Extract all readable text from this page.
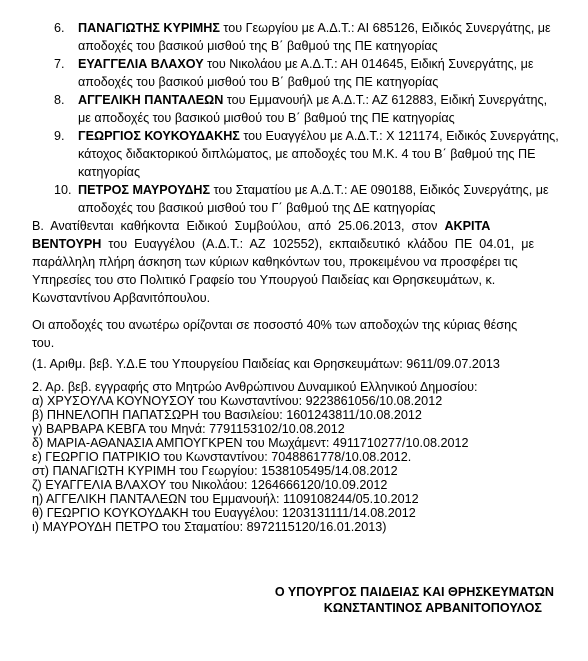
6. ΠΑΝΑΓΙΩΤΗΣ ΚΥΡΙΜΗΣ του Γεωργίου με Α.Δ.Τ.: ΑΙ 685126, Ειδικός Συνεργάτης, με
αποδοχές του βασικού μισθού της Β΄ βαθμού της ΠΕ κατηγορίας
7. ΕΥΑΓΓΕΛΙΑ ΒΛΑΧΟΥ του Νικολάου με Α.Δ.Τ.: ΑΗ 014645, Ειδική Συνεργάτης, με
αποδοχές του βασικού μισθού του Β΄ βαθμού της ΠΕ κατηγορίας
8. ΑΓΓΕΛΙΚΗ ΠΑΝΤΑΛΕΩΝ του Εμμανουήλ με Α.Δ.Τ.: ΑΖ 612883, Ειδική Συνεργάτης,
με αποδοχές του βασικού μισθού του Β΄ βαθμού της ΠΕ κατηγορίας
9. ΓΕΩΡΓΙΟΣ ΚΟΥΚΟΥΔΑΚΗΣ του Ευαγγέλου με Α.Δ.Τ.: Χ 121174, Ειδικός Συνεργάτης,
κάτοχος διδακτορικού διπλώματος, με αποδοχές του Μ.Κ. 4 του Β΄ βαθμού της ΠΕ
κατηγορίας
10. ΠΕΤΡΟΣ ΜΑΥΡΟΥΔΗΣ του Σταματίου με Α.Δ.Τ.: ΑΕ 090188, Ειδικός Συνεργάτης, με
αποδοχές του βασικού μισθού του Γ΄ βαθμού της ΔΕ κατηγορίας
Β.  Ανατίθενται  καθήκοντα  Ειδικού  Συμβούλου,  από  25.06.2013,  στον  ΑΚΡΙΤΑ
ΒΕΝΤΟΥΡΗ  του  Ευαγγέλου  (Α.Δ.Τ.:  ΑΖ  102552),  εκπαιδευτικό  κλάδου  ΠΕ  04.01,  με
παράλληλη πλήρη άσκηση των κύριων καθηκόντων του, προκειμένου να προσφέρει τις
Υπηρεσίες του στο Πολιτικό Γραφείο του Υπουργού Παιδείας και Θρησκευμάτων, κ.
Κωνσταντίνου Αρβανιτόπουλου.
Οι αποδοχές του ανωτέρω ορίζονται σε ποσοστό 40% των αποδοχών της κύριας θέσης
του.
(1. Αριθμ. βεβ. Υ.Δ.Ε του Υπουργείου Παιδείας και Θρησκευμάτων: 9611/09.07.2013
2. Αρ. βεβ. εγγραφής στο Μητρώο Ανθρώπινου Δυναμικού Ελληνικού Δημοσίου:
α) ΧΡΥΣΟΥΛΑ ΚΟΥΝΟΥΣΟΥ του Κωνσταντίνου: 9223861056/10.08.2012
β) ΠΗΝΕΛΟΠΗ ΠΑΠΑΤΣΩΡΗ του Βασιλείου: 1601243811/10.08.2012
γ) ΒΑΡΒΑΡΑ ΚΕΒΓΑ του Μηνά: 7791153102/10.08.2012
δ) ΜΑΡΙΑ-ΑΘΑΝΑΣΙΑ ΑΜΠΟΥΓΚΡΕΝ του Μωχάμεντ: 4911710277/10.08.2012
ε) ΓΕΩΡΓΙΟ ΠΑΤΡΙΚΙΟ του Κωνσταντίνου: 7048861778/10.08.2012.
στ) ΠΑΝΑΓΙΩΤΗ ΚΥΡΙΜΗ του Γεωργίου: 1538105495/14.08.2012
ζ) ΕΥΑΓΓΕΛΙΑ ΒΛΑΧΟΥ του Νικολάου: 1264666120/10.09.2012
η) ΑΓΓΕΛΙΚΗ ΠΑΝΤΑΛΕΩΝ του Εμμανουήλ: 1109108244/05.10.2012
θ) ΓΕΩΡΓΙΟ ΚΟΥΚΟΥΔΑΚΗ του Ευαγγέλου: 1203131111/14.08.2012
ι) ΜΑΥΡΟΥΔΗ ΠΕΤΡΟ του Σταματίου: 8972115120/16.01.2013)
Ο ΥΠΟΥΡΓΟΣ ΠΑΙΔΕΙΑΣ ΚΑΙ ΘΡΗΣΚΕΥΜΑΤΩΝ
ΚΩΝΣΤΑΝΤΙΝΟΣ ΑΡΒΑΝΙΤΟΠΟΥΛΟΣ
